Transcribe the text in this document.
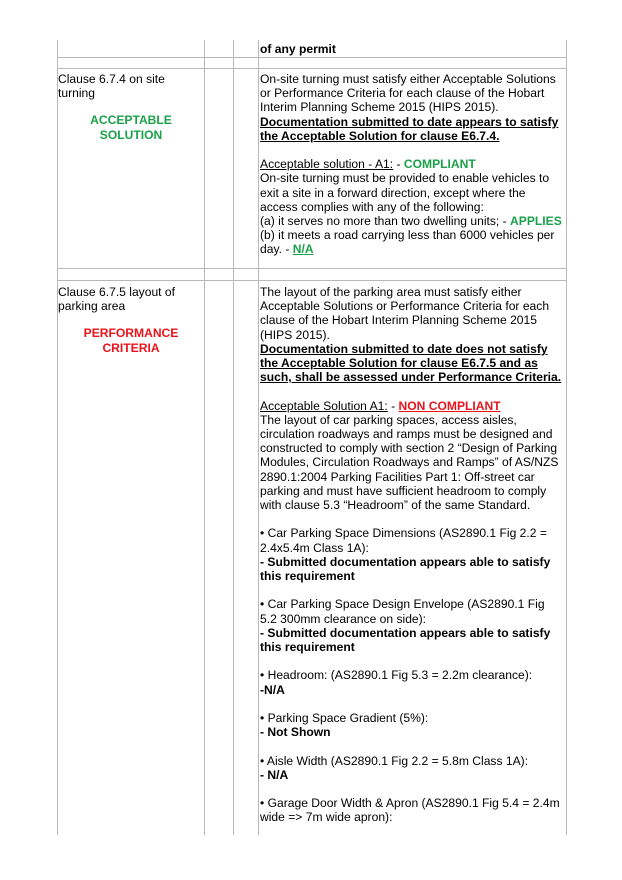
of any permit

Clause 6.7.4 on site turning

ACCEPTABLE SOLUTION

On-site turning must satisfy either Acceptable Solutions or Performance Criteria for each clause of the Hobart Interim Planning Scheme 2015 (HIPS 2015).

Documentation submitted to date appears to satisfy the Acceptable Solution for clause E6.7.4.

Acceptable solution - A1: - COMPLIANT

On-site turning must be provided to enable vehicles to exit a site in a forward direction, except where the access complies with any of the following:

(a) it serves no more than two dwelling units; - APPLIES

(b) it meets a road carrying less than 6000 vehicles per day. - N/A

Clause 6.7.5 layout of parking area

PERFORMANCE CRITERIA

The layout of the parking area must satisfy either Acceptable Solutions or Performance Criteria for each clause of the Hobart Interim Planning Scheme 2015 (HIPS 2015).

Documentation submitted to date does not satisfy the Acceptable Solution for clause E6.7.5 and as such, shall be assessed under Performance Criteria.

Acceptable Solution A1: - NON COMPLIANT

The layout of car parking spaces, access aisles, circulation roadways and ramps must be designed and constructed to comply with section 2 “Design of Parking Modules, Circulation Roadways and Ramps” of AS/NZS 2890.1:2004 Parking Facilities Part 1: Off-street car parking and must have sufficient headroom to comply with clause 5.3 “Headroom” of the same Standard.

• Car Parking Space Dimensions (AS2890.1 Fig 2.2 = 2.4x5.4m Class 1A):

- Submitted documentation appears able to satisfy this requirement

• Car Parking Space Design Envelope (AS2890.1 Fig 5.2 300mm clearance on side):

- Submitted documentation appears able to satisfy this requirement

• Headroom: (AS2890.1 Fig 5.3 = 2.2m clearance):

-N/A

• Parking Space Gradient (5%):

- Not Shown

• Aisle Width (AS2890.1 Fig 2.2 = 5.8m Class 1A):

- N/A

• Garage Door Width & Apron (AS2890.1 Fig 5.4 = 2.4m wide => 7m wide apron):
